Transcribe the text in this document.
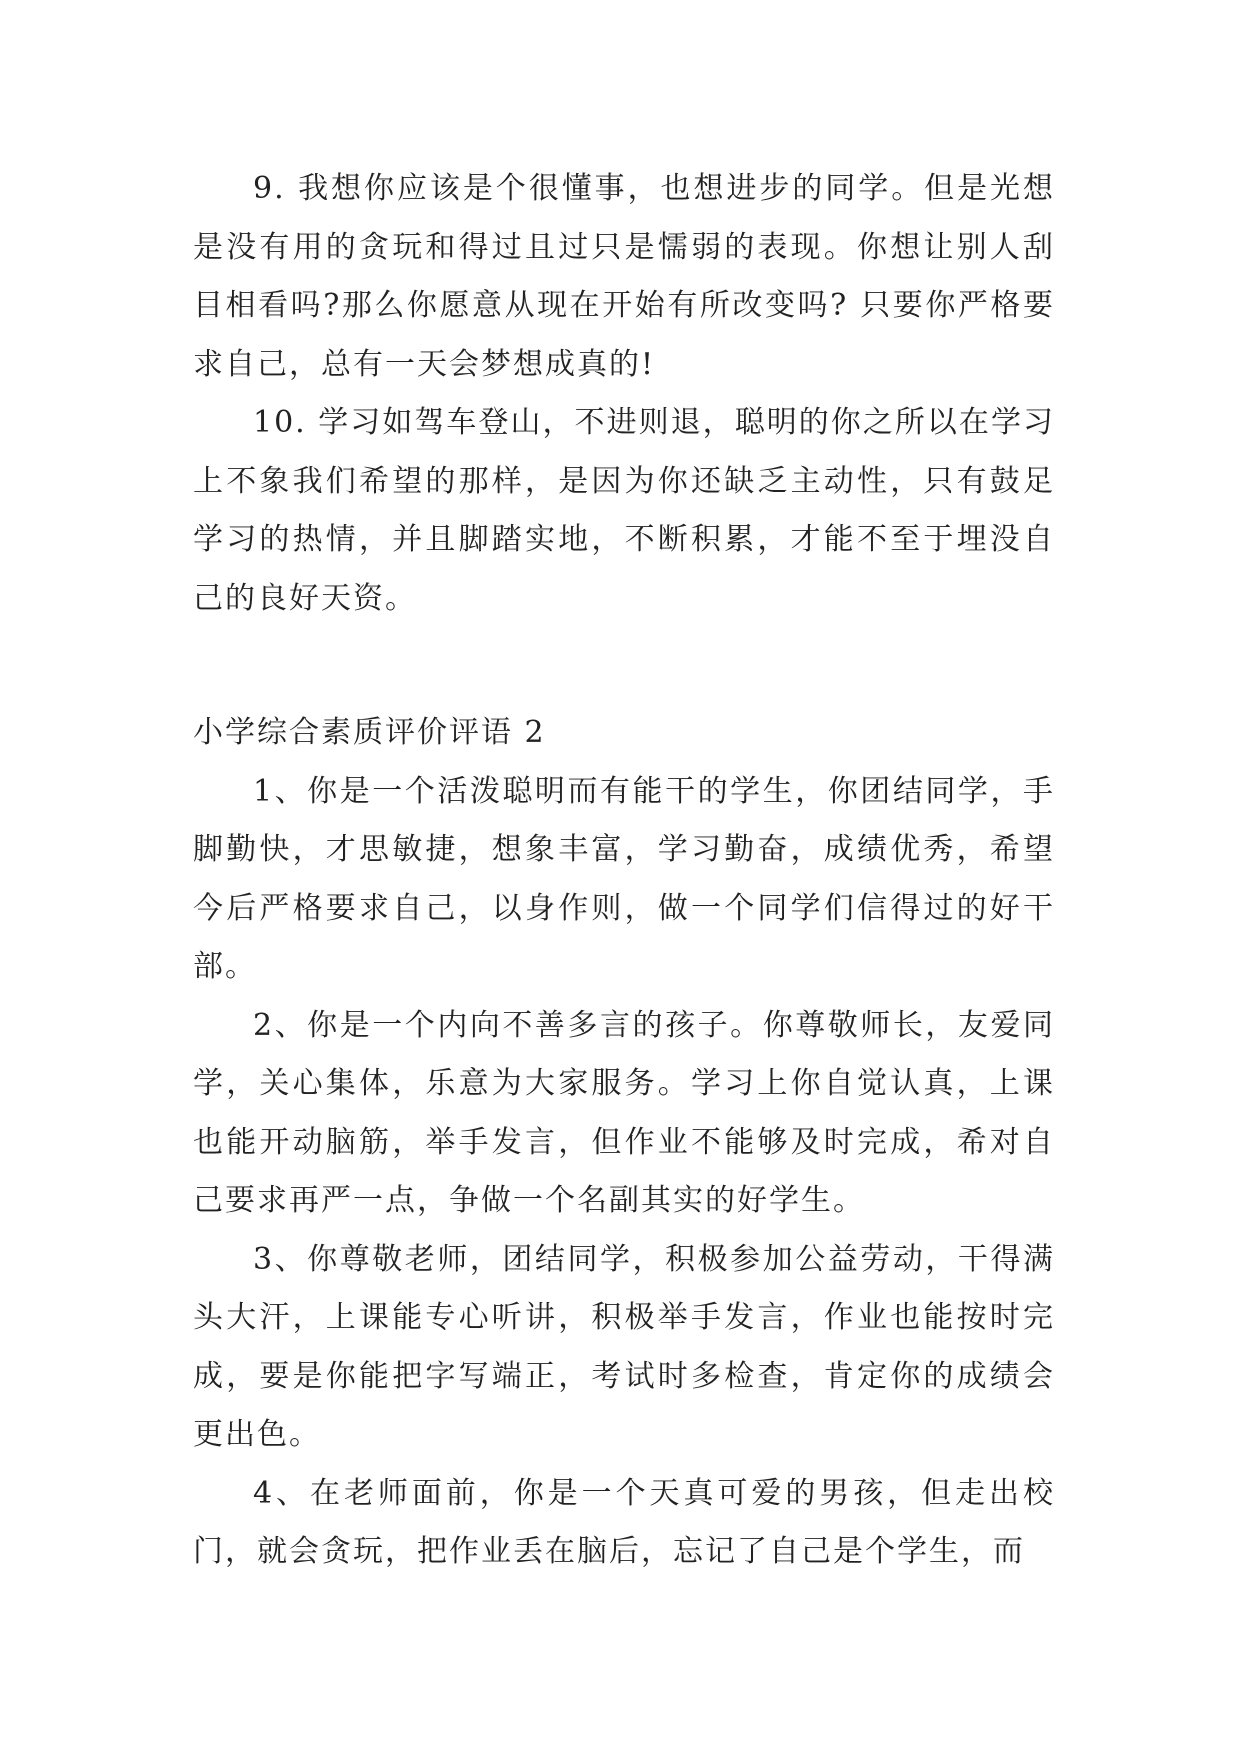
9. 我想你应该是个很懂事，也想进步的同学。但是光想是没有用的贪玩和得过且过只是懦弱的表现。你想让别人刮目相看吗?那么你愿意从现在开始有所改变吗? 只要你严格要求自己，总有一天会梦想成真的!

10. 学习如驾车登山，不进则退，聪明的你之所以在学习上不象我们希望的那样，是因为你还缺乏主动性，只有鼓足学习的热情，并且脚踏实地，不断积累，才能不至于埋没自己的良好天资。

小学综合素质评价评语 2

1、你是一个活泼聪明而有能干的学生，你团结同学，手脚勤快，才思敏捷，想象丰富，学习勤奋，成绩优秀，希望今后严格要求自己，以身作则，做一个同学们信得过的好干部。

2、你是一个内向不善多言的孩子。你尊敬师长，友爱同学，关心集体，乐意为大家服务。学习上你自觉认真，上课也能开动脑筋，举手发言，但作业不能够及时完成，希对自己要求再严一点，争做一个名副其实的好学生。

3、你尊敬老师，团结同学，积极参加公益劳动，干得满头大汗，上课能专心听讲，积极举手发言，作业也能按时完成，要是你能把字写端正，考试时多检查，肯定你的成绩会更出色。

4、在老师面前，你是一个天真可爱的男孩，但走出校门，就会贪玩，把作业丢在脑后，忘记了自己是个学生，而
